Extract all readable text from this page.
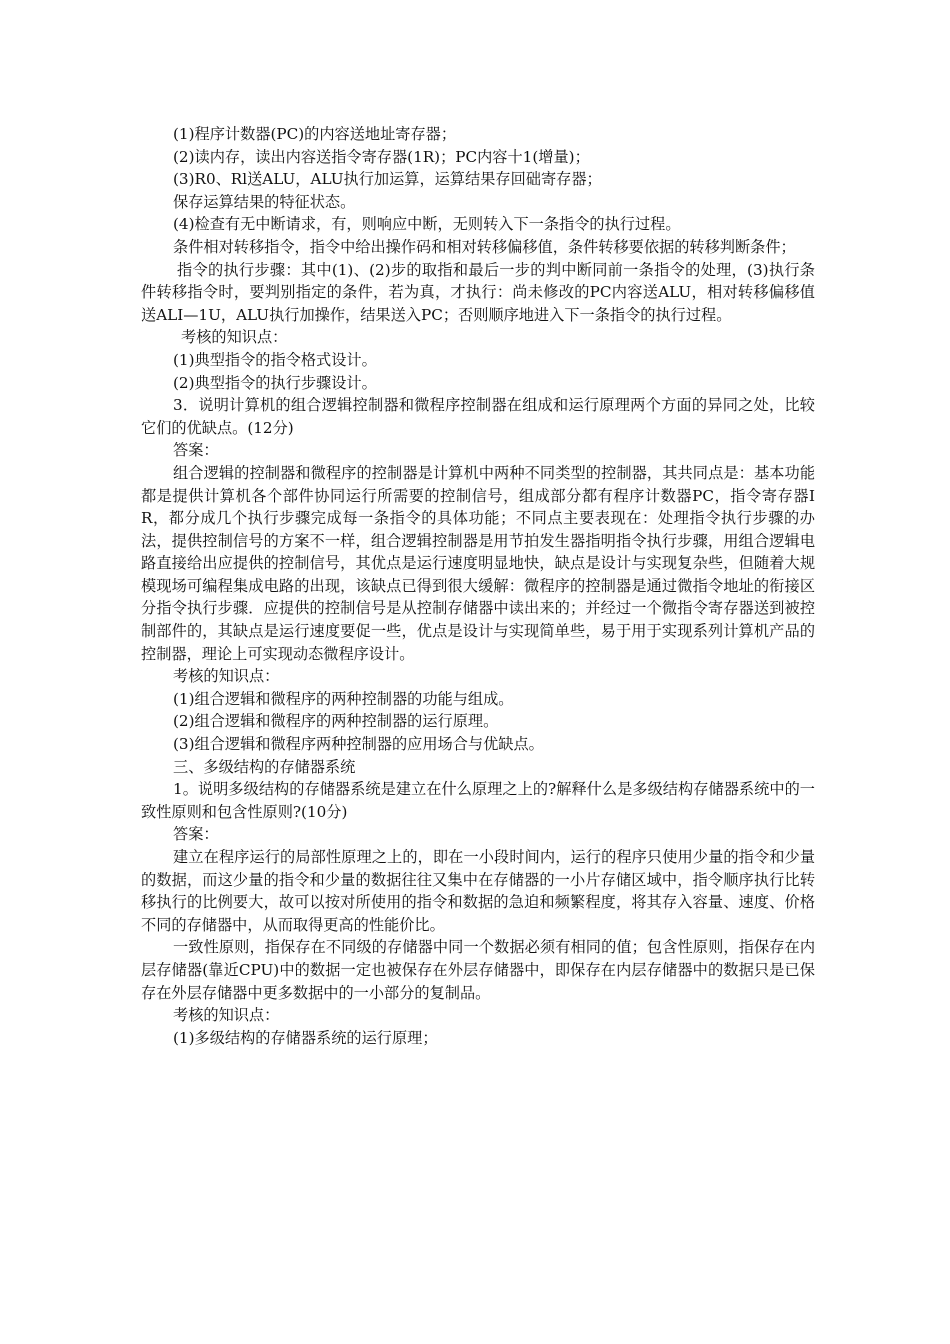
(1)程序计数器(PC)的内容送地址寄存器；

(2)读内存，读出内容送指令寄存器(1R)；PC内容十1(增量)；

(3)R0、Rl送ALU，ALU执行加运算，运算结果存回础寄存器；

保存运算结果的特征状态。

(4)检查有无中断请求，有，则响应中断，无则转入下一条指令的执行过程。

条件相对转移指令，指令中给出操作码和相对转移偏移值，条件转移要依据的转移判断条件；

指令的执行步骤：其中(1)、(2)步的取指和最后一步的判中断同前一条指令的处理，(3)执行条件转移指令时，要判别指定的条件，若为真，才执行：尚未修改的PC内容送ALU，相对转移偏移值送ALI—1U，ALU执行加操作，结果送入PC；否则顺序地进入下一条指令的执行过程。

考核的知识点：

(1)典型指令的指令格式设计。

(2)典型指令的执行步骤设计。

3．说明计算机的组合逻辑控制器和微程序控制器在组成和运行原理两个方面的异同之处，比较它们的优缺点。(12分)

答案：

组合逻辑的控制器和微程序的控制器是计算机中两种不同类型的控制器，其共同点是：基本功能都是提供计算机各个部件协同运行所需要的控制信号，组成部分都有程序计数器PC，指令寄存器IR，都分成几个执行步骤完成每一条指令的具体功能；不同点主要表现在：处理指令执行步骤的办法，提供控制信号的方案不一样，组合逻辑控制器是用节拍发生器指明指令执行步骤，用组合逻辑电路直接给出应提供的控制信号，其优点是运行速度明显地快，缺点是设计与实现复杂些，但随着大规模现场可编程集成电路的出现，该缺点已得到很大缓解：微程序的控制器是通过微指令地址的衔接区分指令执行步骤．应提供的控制信号是从控制存储器中读出来的；并经过一个微指令寄存器送到被控制部件的，其缺点是运行速度要促一些，优点是设计与实现简单些，易于用于实现系列计算机产品的控制器，理论上可实现动态微程序设计。

考核的知识点：

(1)组合逻辑和微程序的两种控制器的功能与组成。

(2)组合逻辑和微程序的两种控制器的运行原理。

(3)组合逻辑和微程序两种控制器的应用场合与优缺点。

三、多级结构的存储器系统

1。说明多级结构的存储器系统是建立在什么原理之上的?解释什么是多级结构存储器系统中的一致性原则和包含性原则?(10分)

答案：

建立在程序运行的局部性原理之上的，即在一小段时间内，运行的程序只使用少量的指令和少量的数据，而这少量的指令和少量的数据往往又集中在存储器的一小片存储区域中，指令顺序执行比转移执行的比例要大，故可以按对所使用的指令和数据的急迫和频繁程度，将其存入容量、速度、价格不同的存储器中，从而取得更高的性能价比。

一致性原则，指保存在不同级的存储器中同一个数据必须有相同的值；包含性原则，指保存在内层存储器(靠近CPU)中的数据一定也被保存在外层存储器中，即保存在内层存储器中的数据只是已保存在外层存储器中更多数据中的一小部分的复制品。

考核的知识点：

(1)多级结构的存储器系统的运行原理；
